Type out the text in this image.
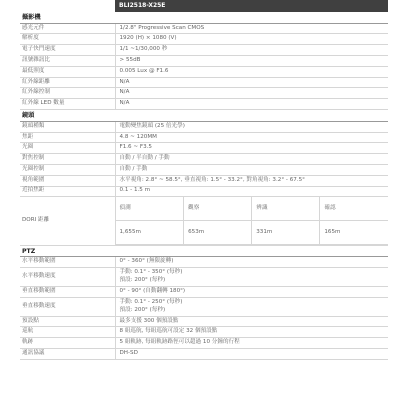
	BLI2518-X25E
攝影機
感光元件	1/2.8" Progressive Scan CMOS
解析度	1920 (H) × 1080 (V)
電子快門速度	1/1 ~1/30,000 秒
訊號雜訊比	> 55dB
最低照度	0.005 Lux @ F1.6
紅外線距離	N/A
紅外線控制	N/A
紅外線 LED 數量	N/A
鏡頭
鏡頭種類	電動變焦鏡頭 (25 倍光學)
焦距	4.8 ~ 120MM
光圈	F1.6 ~ F3.5
對焦控制	自動 / 半自動 / 手動
光圈控制	自動 / 手動
視角範圍	水平視角: 2.8° ~ 58.5°, 垂直視角: 1.5° - 33.2°, 對角視角: 3.2° - 67.5°
近拍焦距	0.1 - 1.5 m
DORI 距離	
偵測	觀察	辨識	確認
1,655m	653m	331m	165m

PTZ
水平移動範圍	0° - 360° (無限旋轉)
水平移動速度	
手動: 0.1° - 350° (每秒)
預設: 200° (每秒)

垂直移動範圍	0° - 90° (自動翻轉 180°)
垂直移動速度	
手動: 0.1° - 250° (每秒)
預設: 200° (每秒)

預設點	最多支援 300 個預設點
巡航	8 組巡航, 每組巡航可設定 32 個預設點
軌跡	5 組軌跡, 每組軌跡路徑可以超過 10 分鐘的行程
通訊協議	DH-SD
